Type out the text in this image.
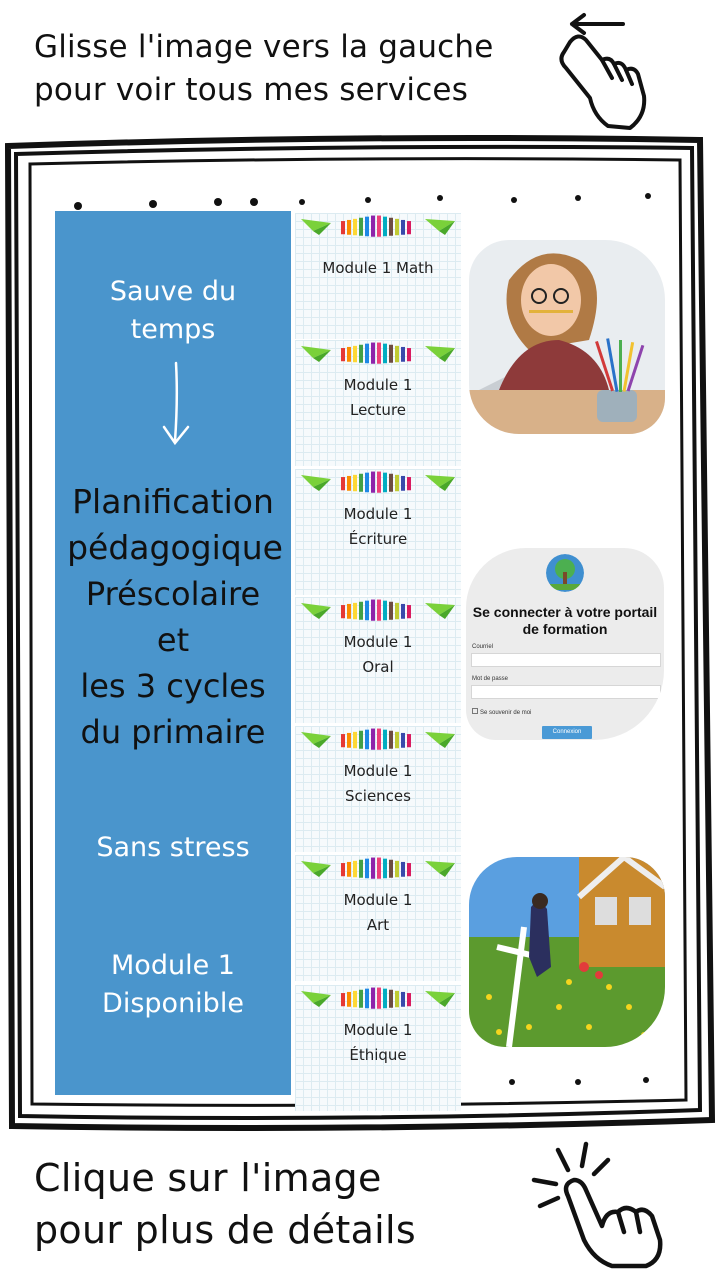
Glisse l'image vers la gauche
pour voir tous mes services
Sauve du
temps
Planification
pédagogique
Préscolaire
et
les 3 cycles
du primaire
Sans stress
Module 1
Disponible
Module 1 Math
Module 1
Lecture
Module 1
Écriture
Module 1
Oral
Module 1
Sciences
Module 1
Art
Module 1
Éthique
Se connecter à votre portail
de formation
Courriel
Mot de passe
Se souvenir de moi
Connexion
Clique sur l'image
pour plus de détails
